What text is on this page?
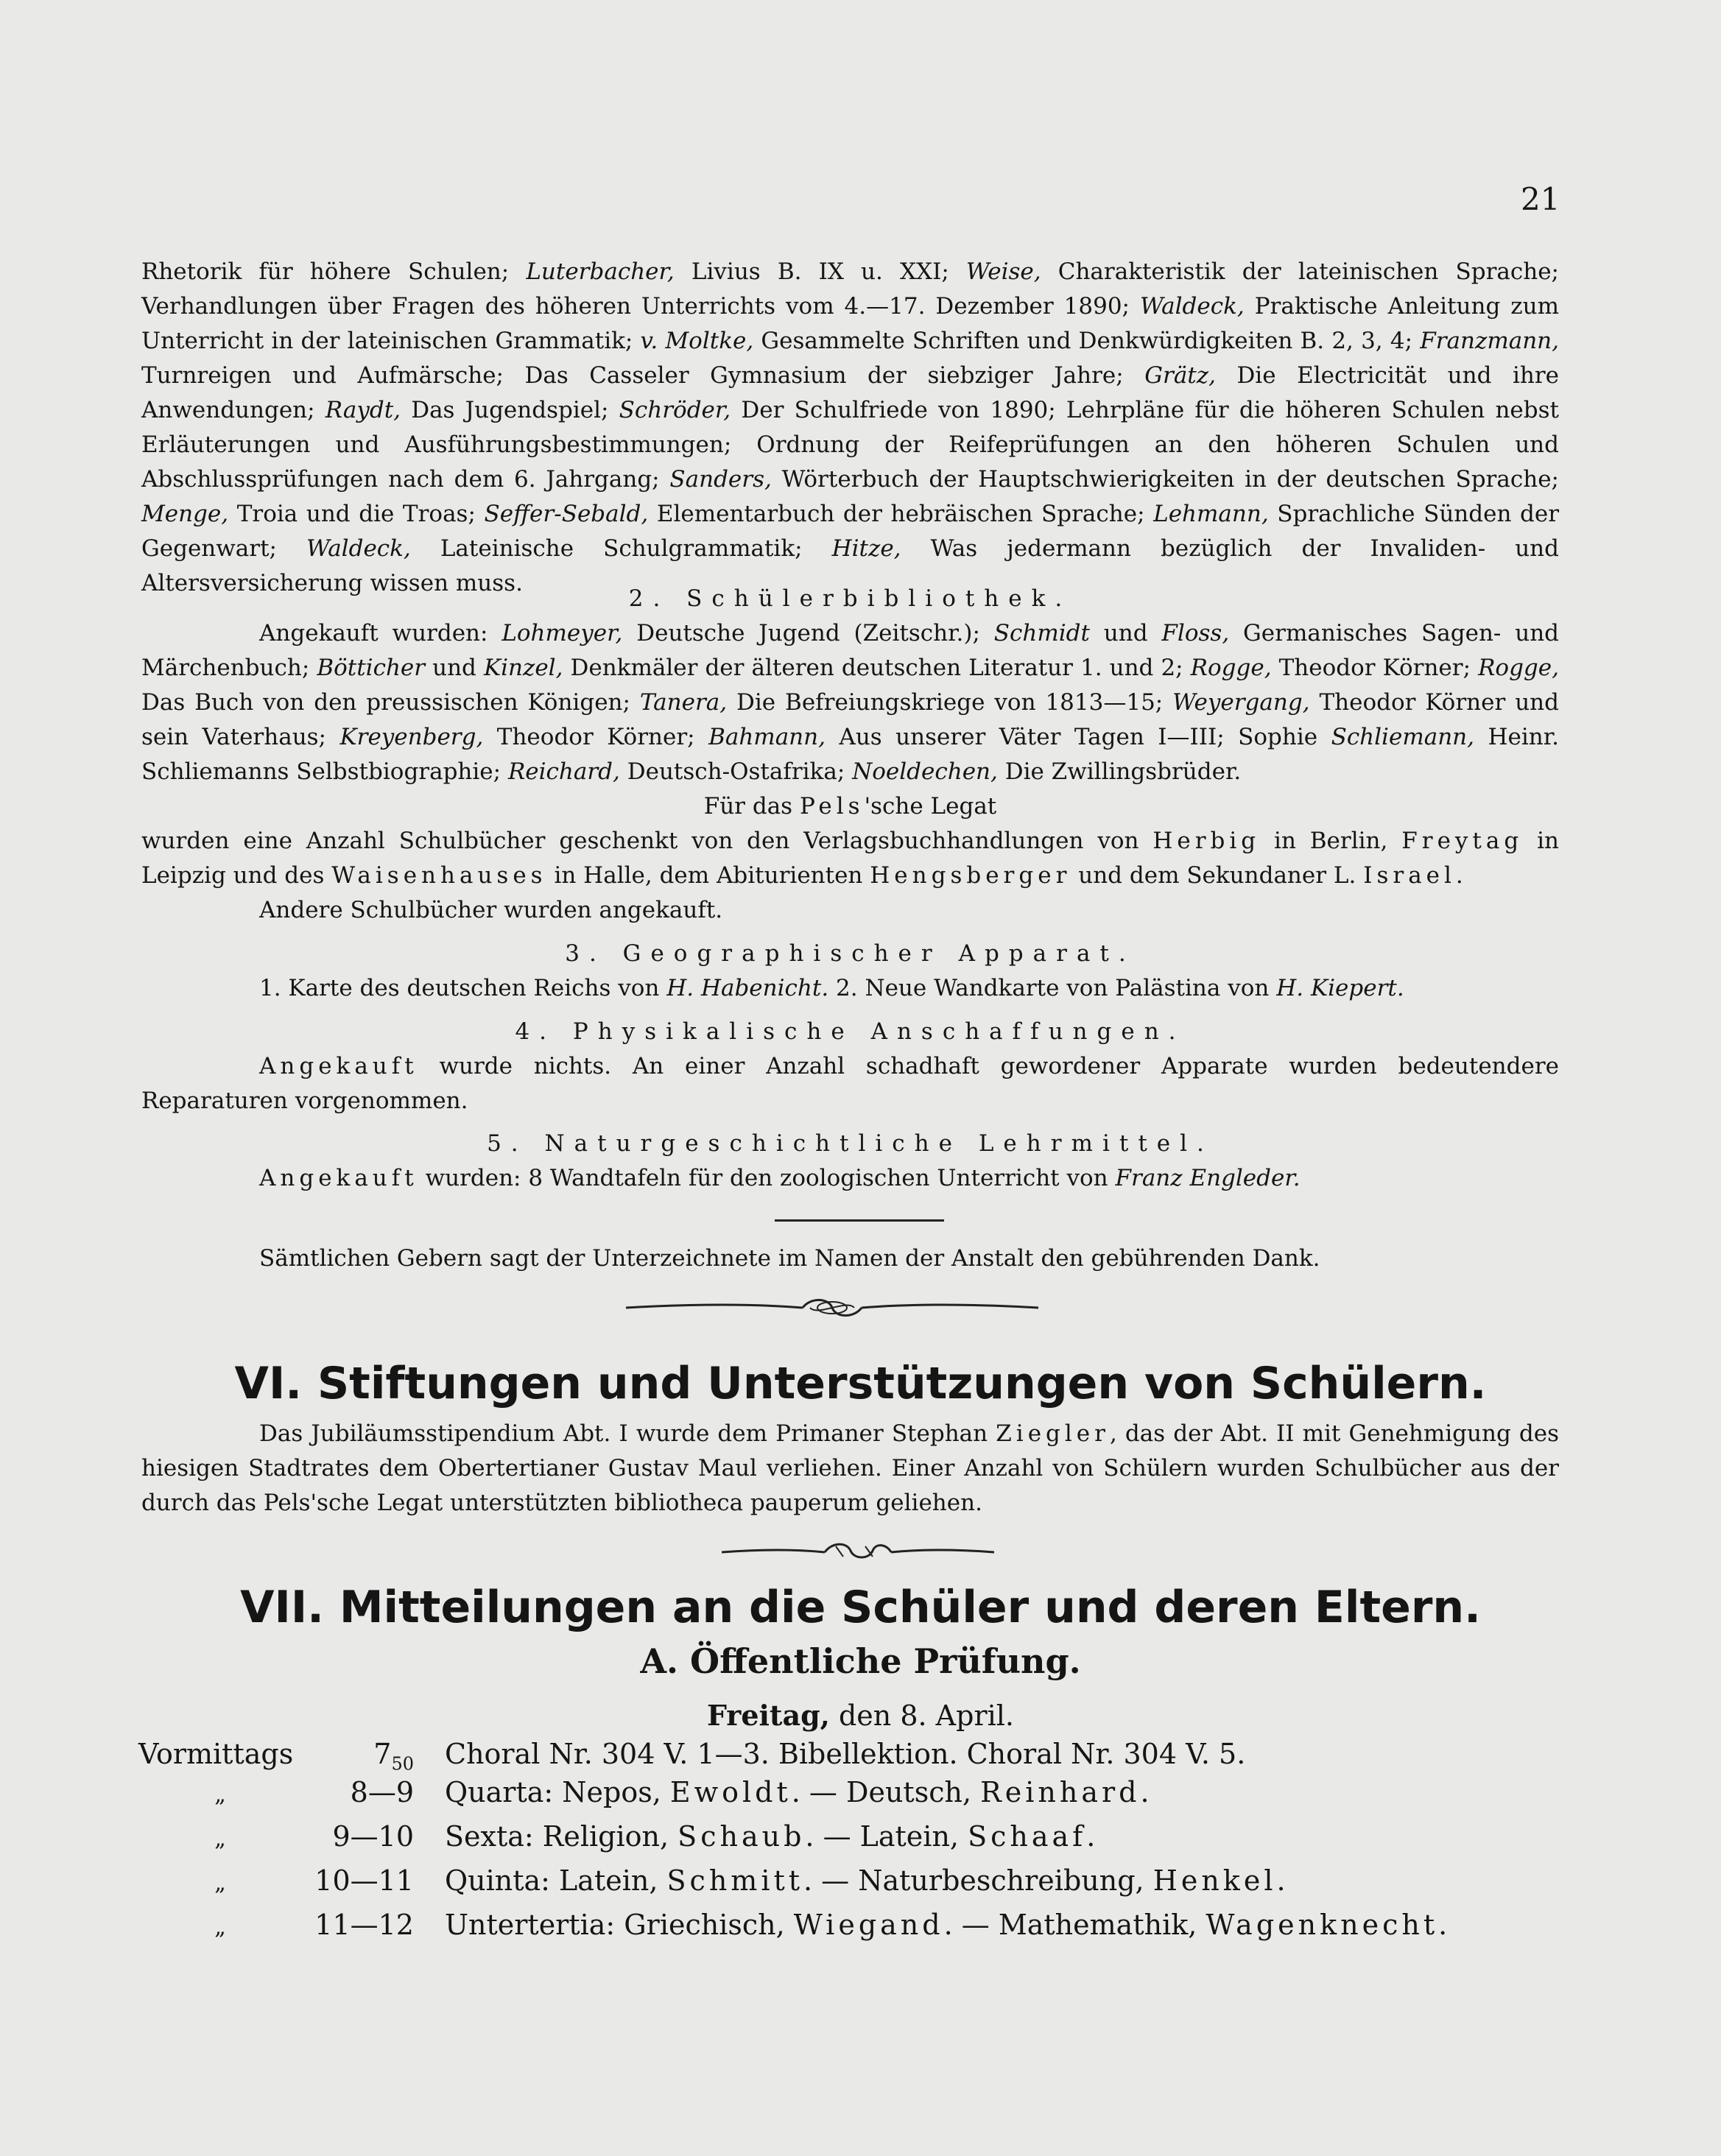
21

Rhetorik für höhere Schulen; Luterbacher, Livius B. IX u. XXI; Weise, Charakteristik der lateinischen Sprache; Verhandlungen über Fragen des höheren Unterrichts vom 4.—17. Dezember 1890; Waldeck, Praktische Anleitung zum Unterricht in der lateinischen Grammatik; v. Moltke, Gesammelte Schriften und Denkwürdigkeiten B. 2, 3, 4; Franzmann, Turnreigen und Aufmärsche; Das Casseler Gymnasium der siebziger Jahre; Grätz, Die Electricität und ihre Anwendungen; Raydt, Das Jugendspiel; Schröder, Der Schulfriede von 1890; Lehrpläne für die höheren Schulen nebst Erläuterungen und Ausführungsbestimmungen; Ordnung der Reifeprüfungen an den höheren Schulen und Abschlussprüfungen nach dem 6. Jahrgang; Sanders, Wörterbuch der Hauptschwierigkeiten in der deutschen Sprache; Menge, Troia und die Troas; Seffer-Sebald, Elementarbuch der hebräischen Sprache; Lehmann, Sprachliche Sünden der Gegenwart; Waldeck, Lateinische Schulgrammatik; Hitze, Was jedermann bezüglich der Invaliden- und Altersversicherung wissen muss.

2. Schülerbibliothek.

Angekauft wurden: Lohmeyer, Deutsche Jugend (Zeitschr.); Schmidt und Floss, Germanisches Sagen- und Märchenbuch; Bötticher und Kinzel, Denkmäler der älteren deutschen Literatur 1. und 2; Rogge, Theodor Körner; Rogge, Das Buch von den preussischen Königen; Tanera, Die Befreiungskriege von 1813—15; Weyergang, Theodor Körner und sein Vaterhaus; Kreyenberg, Theodor Körner; Bahmann, Aus unserer Väter Tagen I—III; Sophie Schliemann, Heinr. Schliemanns Selbstbiographie; Reichard, Deutsch-Ostafrika; Noeldechen, Die Zwillingsbrüder.

Für das Pels'sche Legat

wurden eine Anzahl Schulbücher geschenkt von den Verlagsbuchhandlungen von Herbig in Berlin, Freytag in Leipzig und des Waisenhauses in Halle, dem Abiturienten Hengsberger und dem Sekundaner L. Israel.

Andere Schulbücher wurden angekauft.

3. Geographischer Apparat.

1. Karte des deutschen Reichs von H. Habenicht. 2. Neue Wandkarte von Palästina von H. Kiepert.

4. Physikalische Anschaffungen.

Angekauft wurde nichts. An einer Anzahl schadhaft gewordener Apparate wurden bedeutendere Reparaturen vorgenommen.

5. Naturgeschichtliche Lehrmittel.

Angekauft wurden: 8 Wandtafeln für den zoologischen Unterricht von Franz Engleder.

Sämtlichen Gebern sagt der Unterzeichnete im Namen der Anstalt den gebührenden Dank.

VI. Stiftungen und Unterstützungen von Schülern.

Das Jubiläumsstipendium Abt. I wurde dem Primaner Stephan Ziegler, das der Abt. II mit Genehmigung des hiesigen Stadtrates dem Obertertianer Gustav Maul verliehen. Einer Anzahl von Schülern wurden Schulbücher aus der durch das Pels'sche Legat unterstützten bibliotheca pauperum geliehen.

VII. Mitteilungen an die Schüler und deren Eltern.
A. Öffentliche Prüfung.
Freitag, den 8. April.
Vormittags	$7_{50}$	Choral Nr. 304 V. 1—3. Bibellektion. Choral Nr. 304 V. 5.
„	8—9	Quarta: Nepos, Ewoldt. — Deutsch, Reinhard.
„	9—10	Sexta: Religion, Schaub. — Latein, Schaaf.
„	10—11	Quinta: Latein, Schmitt. — Naturbeschreibung, Henkel.
„	11—12	Untertertia: Griechisch, Wiegand. — Mathemathik, Wagenknecht.
